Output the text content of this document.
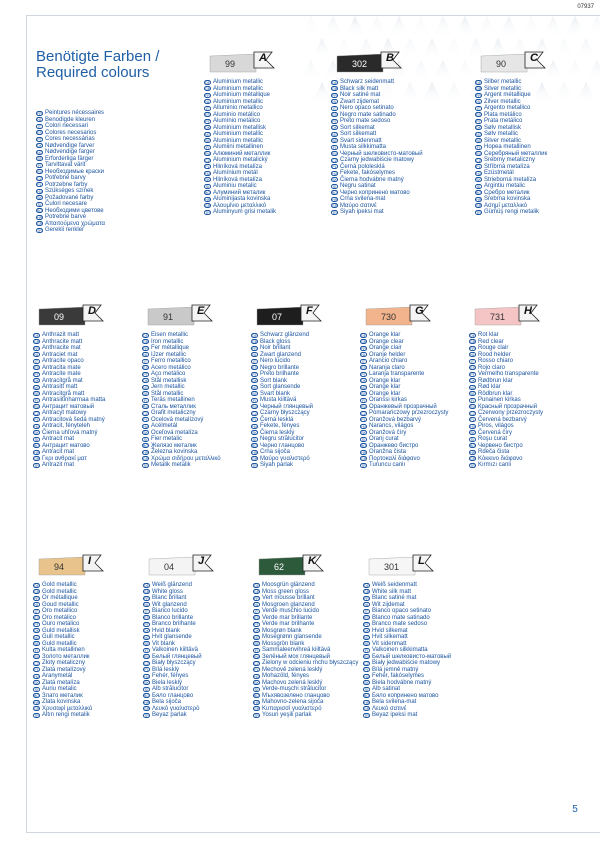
07937
Benötigte Farben /
Required colours
FR Peintures nécessaires
NL Benodigde kleuren
IT Colori necessari
ES Colores necesarios
PT Cores necessárias
DK Nødvendige farver
NO Nødvendige farger
SE Erforderliga färger
FI Tarvittavat värit
RU Необходимые краски
CZ Potřebné barvy
PL Potrzebne farby
HU Szükséges színek
SK Požadované farby
SI Čulori necesare
BG Необходими цветове
HR Potrebne barve
GR Απαιτούμενα χρώματα
TR Gerekli renkler
99 A
DE Aluminium metallic
GB Aluminium metallic
FR Aluminium métallique
NL Aluminium metallic
IT Alluminio metallico
ES Aluminio metálico
PT Alumínio metálico
DK Aluminium metallisk
NO Aluminium metallic
SE Aluminium metallic
FI Alumiini metallinen
RU Алюминий металлик
CZ Aluminium metalický
PL Hliníková metalíza
HU Alumínium metál
SK Hliníková metalíza
SI Aluminiu metalic
BG Алуминий металик
HR Aluminijasta kovinska
GR Αλουμίνιο μεταλλικό
TR Aluminyum grisi metalik
302 B
DE Schwarz seidenmatt
GB Black silk matt
FR Noir satiné mat
NL Zwart zijdemat
IT Nero opaco setinato
ES Negro mate satinado
PT Preto mate sedoso
DK Sort silkemat
NO Sort silkematt
SE Svart sidenmatt
FI Musta silkkimatta
RU Черный шелковисто-матовый
CZ Czarny jedwabiście matowy
PL Černá pololesklá
HU Fekete, fakóselymes
SK Čierna hodvábne matný
SI Negru satinat
BG Черно копринено матово
HR Crna svilena-mat
GR Μαύρο σατινέ
TR Siyah ipeksi mat
90 C
DE Silber metallic
GB Silver metallic
FR Argent métallique
NL Zilver metallic
IT Argento metallico
ES Plata metálico
PT Prata metálico
DK Sølv metallisk
NO Sølv metallic
SE Silver metallic
FI Hopea metallinen
RU Серебряный металлик
CZ Srebrny metaliczny
PL Stříbrná metalíza
HU Ezüstmetál
SK Strieborná metalíza
SI Argintiu metalic
BG Сребро металик
HR Srebrna kovinska
GR Ασημί μεταλλικό
TR Gümüş rengi metalik
09 D
DE Anthrazit matt
GB Anthracite matt
FR Anthracite mat
NL Antraciet mat
IT Antracite opaco
ES Antracita mate
PT Antracite mate
DK Antracitgrå mat
NO Antrasitt matt
SE Antracitgrå matt
FI Antrasiitinharmaa matta
RU Антрацит матовый
CZ Antracyt matowy
PL Antracitová šedá matný
HU Antracit, fényteleh
SK Čierna uhľová matný
SI Antracit mat
BG Антрацит матово
HR Antracit mat
GR Γκρι ανθρακί ματ
TR Antrazit mat
91 E
DE Eisen metallic
GB Iron metallic
FR Fer métallique
NL IJzer metallic
IT Ferro metallico
ES Acero metálico
PT Aço metálico
DK Stål metallisk
NO Jern metallic
SE Stål metallic
FI Teräs metallinen
RU Сталь металлик
CZ Grafit metaliczny
PL Ocelová metalízový
HU Acélmetál
SK Oceľová metalíza
SI Fier metalic
BG Желязо металик
HR Železna kovinska
GR Χρώμα σιδήρου μεταλλικό
TR Metalik metalik
07 F
DE Schwarz glänzend
GB Black gloss
FR Noir brillant
NL Zwart glanzend
IT Nero lucido
ES Negro brillante
PT Preto brilhante
DK Sort blank
NO Sort glansende
SE Svart blank
FI Musta kiiltävä
RU Черный глянцевый
CZ Czarny błyszczący
PL Černá lesklá
HU Fekete, fényes
SK Čierna lesklý
SI Negru strălucitor
BG Черно гланцово
HR Crna sijoča
GR Μαύρο γυαλιστερό
TR Siyah parlak
730 G
DE Orange klar
GB Orange clear
FR Orange clair
NL Oranje helder
IT Arancio chiaro
ES Naranja claro
PT Laranja transparente
DK Orange klar
NO Orange klar
SE Orange klar
FI Oranssi kirkas
RU Оранжевый прозрачный
CZ Pomarańczowy przezroczysty
PL Oranžová bezbarvý
HU Narancs, világos
SK Oranžová číry
SI Oranj curat
BG Оранжево бистро
HR Oranžna čista
GR Πορτοκαλί διάφανο
TR Turuncu canlı
731 H
DE Rot klar
GB Red clear
FR Rouge clair
NL Rood helder
IT Rosso chiaro
ES Rojo claro
PT Vermelho transparente
DK Rødbrun klar
NO Rød klar
SE Rödbrun klar
FI Punainen kirkas
RU Красный прозрачный
CZ Czerwony przezroczysty
PL Červená bezbarvý
HU Piros, világos
SK Červená číry
SI Roşu curat
BG Червено бистро
HR Rdeča čista
GR Κόκκινο διάφανο
TR Kırmızı canlı
94 I
DE Gold metallic
GB Gold metallic
FR Or métallique
NL Goud metallic
IT Oro metallico
ES Oro metálico
PT Ouro metálico
DK Guld metallisk
NO Gull metallic
SE Guld metallic
FI Kulta metallinen
RU Золото металлик
CZ Złoty metaliczny
PL Zlatá metalízový
HU Aranymetál
SK Zlatá metalíza
SI Auriu metalic
BG Злато металик
HR Zlata kovinska
GR Χρυσαφί μεταλλικό
TR Altın rengi metalik
04 J
DE Weiß glänzend
GB White gloss
FR Blanc brillant
NL Wit glanzend
IT Bianco lucido
ES Blanco brillante
PT Branco brilhante
DK Hvid blank
NO Hvit glansende
SE Vit blank
FI Valkoinen kiiltävä
RU Белый глянцевый
CZ Biały błyszczący
PL Bílá lesklý
HU Fehér, fényes
SK Biela lesklý
SI Alb strălucitor
BG Бяло гланцово
HR Bela sijoča
GR Λευκό γυαλιστερό
TR Beyaz parlak
62 K
DE Moosgrün glänzend
GB Moss green gloss
FR Vert mousse brillant
NL Mosgroen glanzend
IT Verde muschio lucido
ES Verde mar brillante
PT Verde mar brilhante
DK Mosgrøn blank
NO Mosegrønn glansende
SE Mossgrön blank
FI Sammaleenvihreä kiiltävä
RU Зелёный мох глянцевый
CZ Zielony w odcieniu mchu błyszczący
PL Mechově zelená lesklý
HU Mohazöld, fényes
SK Machovo zelená lesklý
SI Verde-muşchi strălucitor
BG Мъхявозелено гланцово
HR Mahovno-zelena sijoča
GR Κυπαρισσί γυαλιστερό
TR Yosun yeşili parlak
301 L
DE Weiß seidenmatt
GB White silk matt
FR Blanc satiné mat
NL Wit zijdemat
IT Bianco opaco setinato
ES Blanco mate satinado
PT Branco mate sedoso
DK Hvid silkemat
NO Hvit silkematt
SE Vit sidenmatt
FI Valkoinen silkkimatta
RU Белый шелковисто-матовый
CZ Biały jedwabiście matowy
PL Bílá jemně matný
HU Fehér, fakóselymes
SK Biela hodvábne matný
SI Alb satinat
BG Бяло копринено матово
HR Bela svilena-mat
GR Λευκό σατινέ
TR Beyaz ipeksi mat
5
